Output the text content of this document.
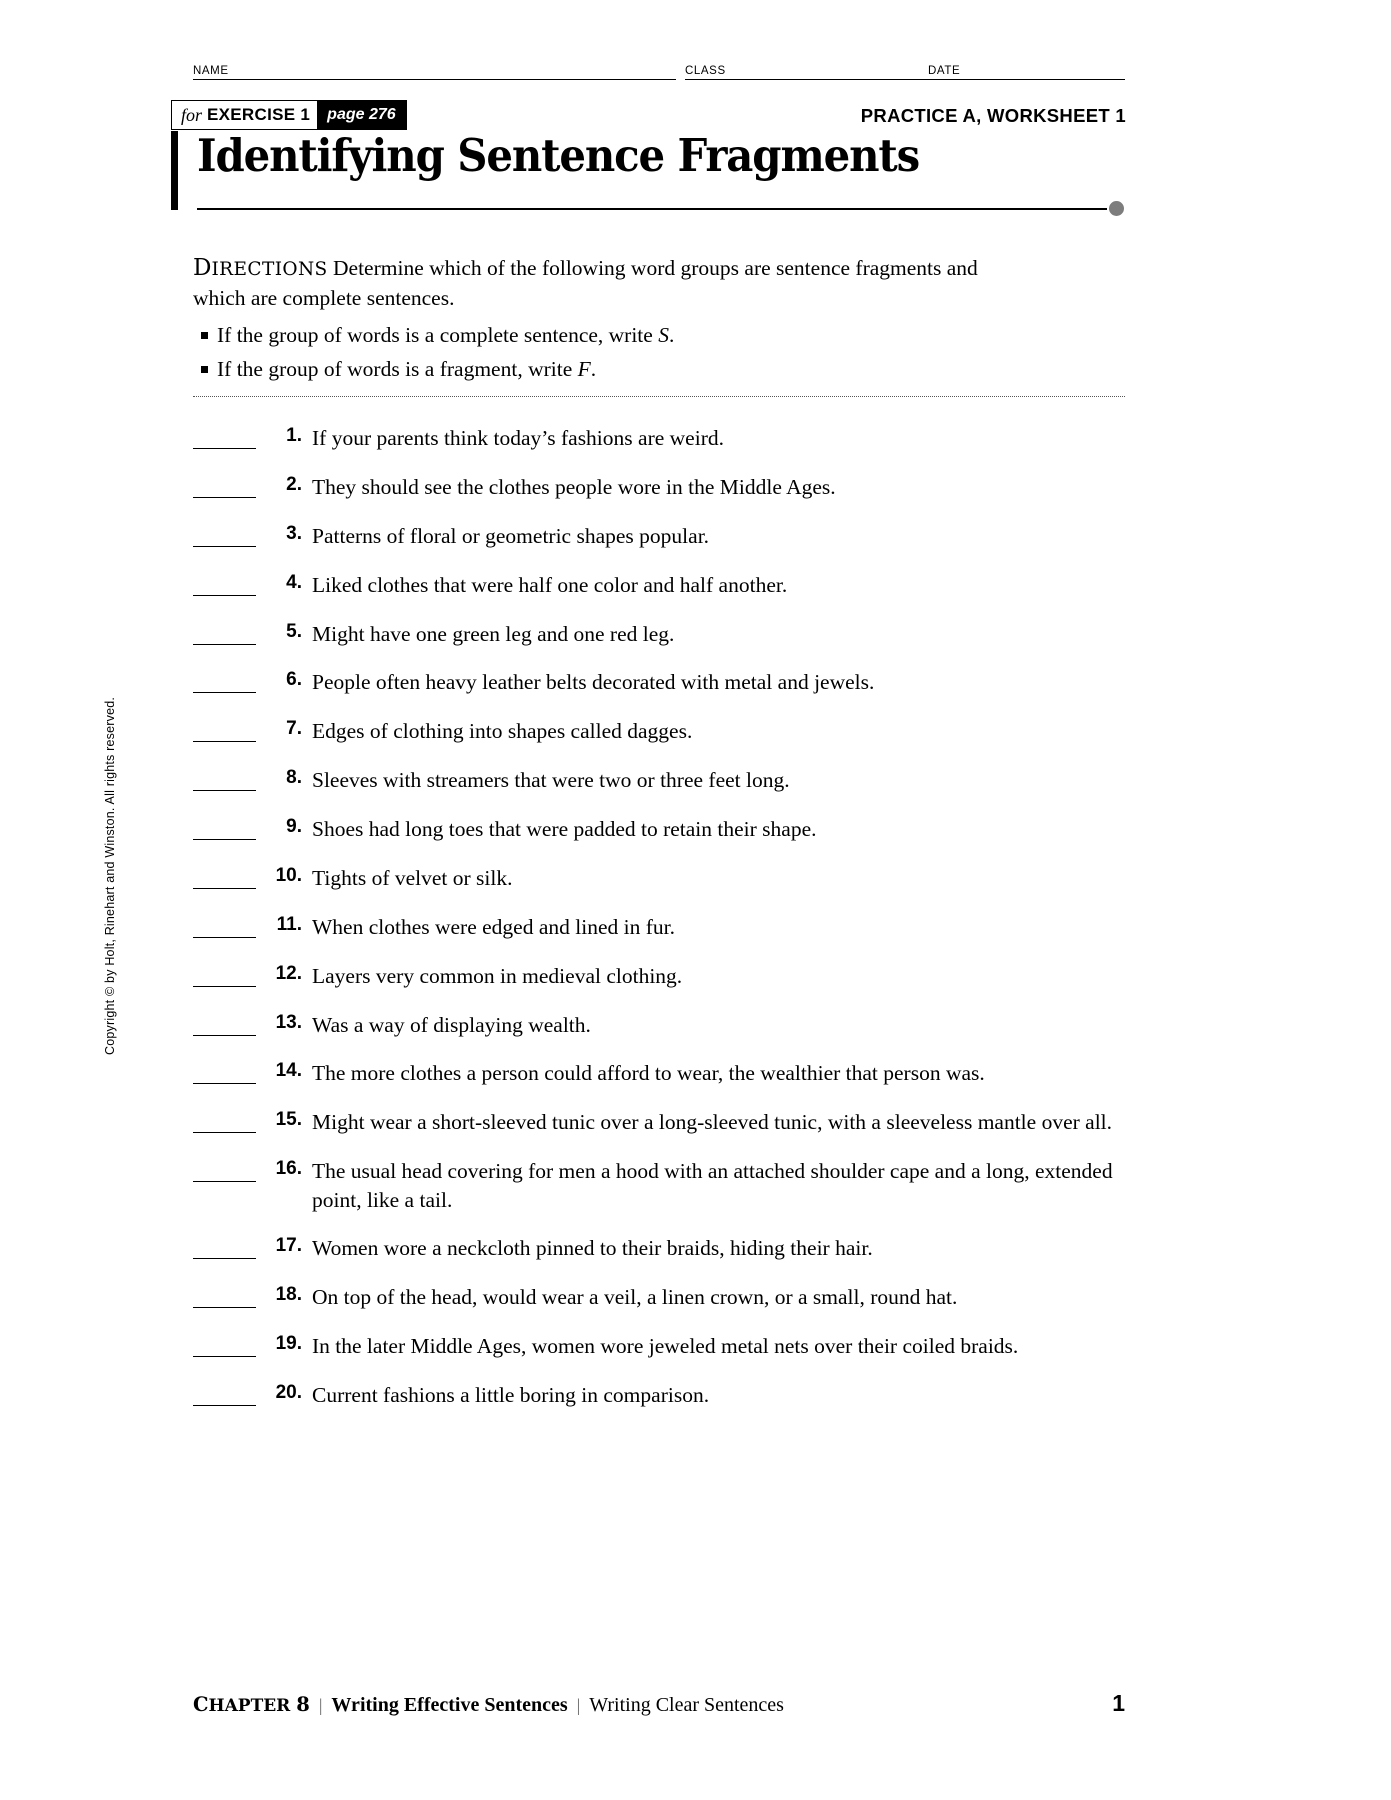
NAME	CLASS	DATE
for EXERCISE 1	page 276	PRACTICE A, WORKSHEET 1
Identifying Sentence Fragments
DIRECTIONS Determine which of the following word groups are sentence fragments and which are complete sentences.
If the group of words is a complete sentence, write S.
If the group of words is a fragment, write F.
1. If your parents think today’s fashions are weird.
2. They should see the clothes people wore in the Middle Ages.
3. Patterns of floral or geometric shapes popular.
4. Liked clothes that were half one color and half another.
5. Might have one green leg and one red leg.
6. People often heavy leather belts decorated with metal and jewels.
7. Edges of clothing into shapes called dagges.
8. Sleeves with streamers that were two or three feet long.
9. Shoes had long toes that were padded to retain their shape.
10. Tights of velvet or silk.
11. When clothes were edged and lined in fur.
12. Layers very common in medieval clothing.
13. Was a way of displaying wealth.
14. The more clothes a person could afford to wear, the wealthier that person was.
15. Might wear a short-sleeved tunic over a long-sleeved tunic, with a sleeveless mantle over all.
16. The usual head covering for men a hood with an attached shoulder cape and a long, extended point, like a tail.
17. Women wore a neckcloth pinned to their braids, hiding their hair.
18. On top of the head, would wear a veil, a linen crown, or a small, round hat.
19. In the later Middle Ages, women wore jeweled metal nets over their coiled braids.
20. Current fashions a little boring in comparison.
Copyright © by Holt, Rinehart and Winston. All rights reserved.
CHAPTER 8 | Writing Effective Sentences | Writing Clear Sentences	1
